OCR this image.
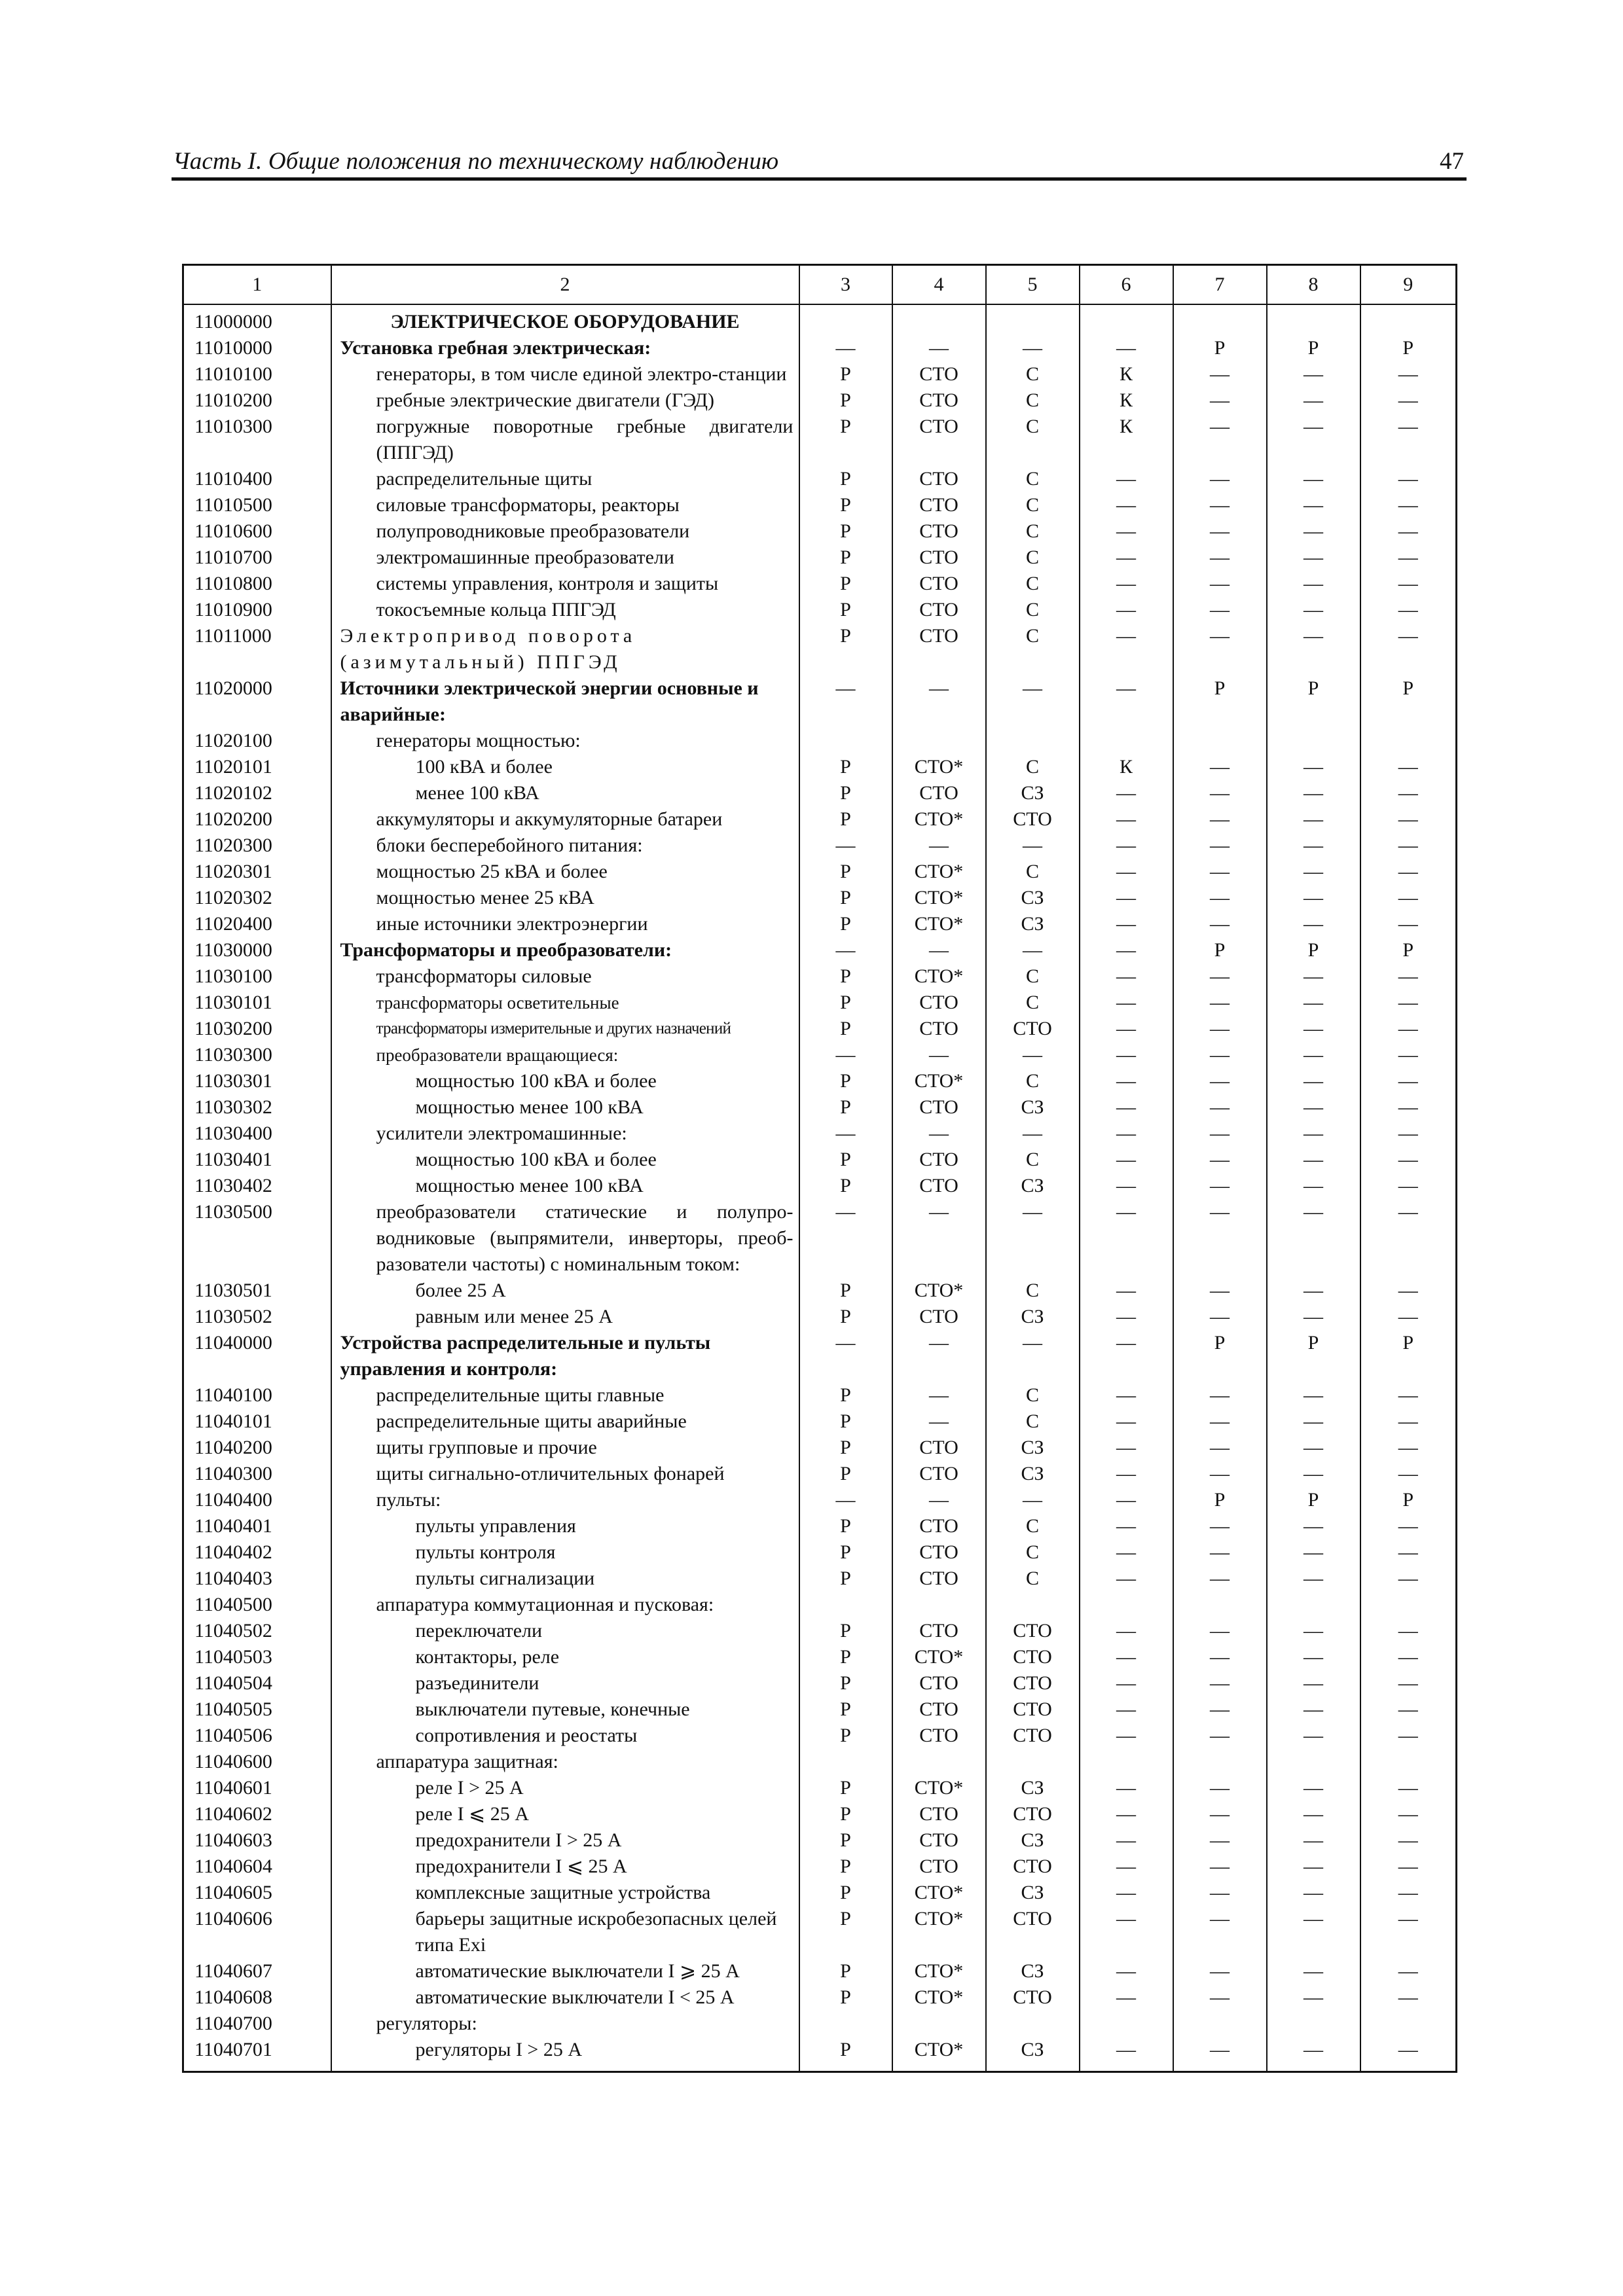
Часть I. Общие положения по техническому наблюдению	47
1	2	3	4	5	6	7	8	9
11000000	ЭЛЕКТРИЧЕСКОЕ ОБОРУДОВАНИЕ							
11010000	Установка гребная электрическая:	—	—	—	—	Р	Р	Р
11010100	генераторы, в том числе единой электро-станции	Р	СТО	С	К	—	—	—
11010200	гребные электрические двигатели (ГЭД)	Р	СТО	С	К	—	—	—
11010300	погружные поворотные гребные двигатели (ППГЭД)	Р	СТО	С	К	—	—	—
11010400	распределительные щиты	Р	СТО	С	—	—	—	—
11010500	силовые трансформаторы, реакторы	Р	СТО	С	—	—	—	—
11010600	полупроводниковые преобразователи	Р	СТО	С	—	—	—	—
11010700	электромашинные преобразователи	Р	СТО	С	—	—	—	—
11010800	системы управления, контроля и защиты	Р	СТО	С	—	—	—	—
11010900	токосъемные кольца ППГЭД	Р	СТО	С	—	—	—	—
11011000	Электропривод поворота (азимутальный) ППГЭД	Р	СТО	С	—	—	—	—
11020000	Источники электрической энергии основные и аварийные:	—	—	—	—	Р	Р	Р
11020100	генераторы мощностью:							
11020101	100 кВА и более	Р	СТО*	С	К	—	—	—
11020102	менее 100 кВА	Р	СТО	СЗ	—	—	—	—
11020200	аккумуляторы и аккумуляторные батареи	Р	СТО*	СТО	—	—	—	—
11020300	блоки бесперебойного питания:	—	—	—	—	—	—	—
11020301	мощностью 25 кВА и более	Р	СТО*	С	—	—	—	—
11020302	мощностью менее 25 кВА	Р	СТО*	СЗ	—	—	—	—
11020400	иные источники электроэнергии	Р	СТО*	СЗ	—	—	—	—
11030000	Трансформаторы и преобразователи:	—	—	—	—	Р	Р	Р
11030100	трансформаторы силовые	Р	СТО*	С	—	—	—	—
11030101	трансформаторы осветительные	Р	СТО	С	—	—	—	—
11030200	трансформаторы измерительные и других назначений	Р	СТО	СТО	—	—	—	—
11030300	преобразователи вращающиеся:	—	—	—	—	—	—	—
11030301	мощностью 100 кВА и более	Р	СТО*	С	—	—	—	—
11030302	мощностью менее 100 кВА	Р	СТО	СЗ	—	—	—	—
11030400	усилители электромашинные:	—	—	—	—	—	—	—
11030401	мощностью 100 кВА и более	Р	СТО	С	—	—	—	—
11030402	мощностью менее 100 кВА	Р	СТО	СЗ	—	—	—	—
11030500	преобразователи статические и полупро-водниковые (выпрямители, инверторы, преоб-разователи частоты) с номинальным током:	—	—	—	—	—	—	—
11030501	более 25 А	Р	СТО*	С	—	—	—	—
11030502	равным или менее 25 А	Р	СТО	СЗ	—	—	—	—
11040000	Устройства распределительные и пульты управления и контроля:	—	—	—	—	Р	Р	Р
11040100	распределительные щиты главные	Р	—	С	—	—	—	—
11040101	распределительные щиты аварийные	Р	—	С	—	—	—	—
11040200	щиты групповые и прочие	Р	СТО	СЗ	—	—	—	—
11040300	щиты сигнально-отличительных фонарей	Р	СТО	СЗ	—	—	—	—
11040400	пульты:	—	—	—	—	Р	Р	Р
11040401	пульты управления	Р	СТО	С	—	—	—	—
11040402	пульты контроля	Р	СТО	С	—	—	—	—
11040403	пульты сигнализации	Р	СТО	С	—	—	—	—
11040500	аппаратура коммутационная и пусковая:							
11040502	переключатели	Р	СТО	СТО	—	—	—	—
11040503	контакторы, реле	Р	СТО*	СТО	—	—	—	—
11040504	разъединители	Р	СТО	СТО	—	—	—	—
11040505	выключатели путевые, конечные	Р	СТО	СТО	—	—	—	—
11040506	сопротивления и реостаты	Р	СТО	СТО	—	—	—	—
11040600	аппаратура защитная:							
11040601	реле I > 25 А	Р	СТО*	СЗ	—	—	—	—
11040602	реле I ⩽ 25 А	Р	СТО	СТО	—	—	—	—
11040603	предохранители I > 25 А	Р	СТО	СЗ	—	—	—	—
11040604	предохранители I ⩽ 25 А	Р	СТО	СТО	—	—	—	—
11040605	комплексные защитные устройства	Р	СТО*	СЗ	—	—	—	—
11040606	барьеры защитные искробезопасных целей типа Exi	Р	СТО*	СТО	—	—	—	—
11040607	автоматические выключатели I ⩾ 25 А	Р	СТО*	СЗ	—	—	—	—
11040608	автоматические выключатели I < 25 А	Р	СТО*	СТО	—	—	—	—
11040700	регуляторы:							
11040701	регуляторы I > 25 А	Р	СТО*	СЗ	—	—	—	—
